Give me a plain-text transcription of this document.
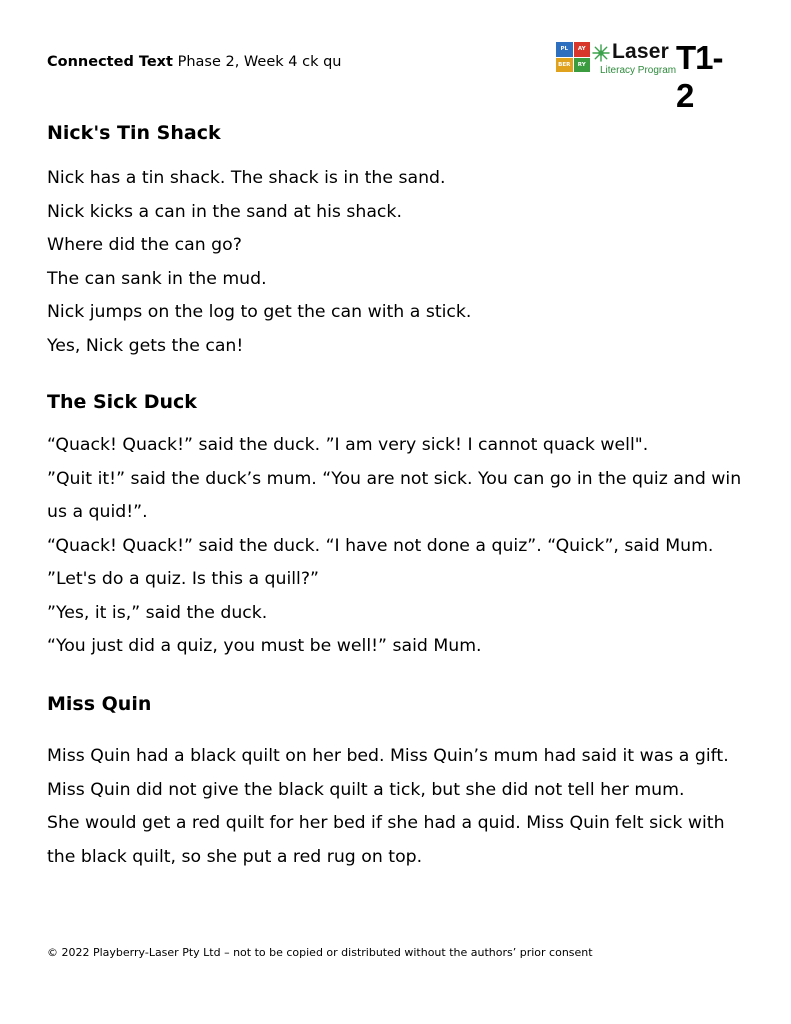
Connected Text Phase 2, Week 4 ck qu
PL	AY
BER	RY
Laser
Literacy Program T1-2
Nick's Tin Shack

Nick has a tin shack. The shack is in the sand.

Nick kicks a can in the sand at his shack.

Where did the can go?

The can sank in the mud.

Nick jumps on the log to get the can with a stick.

Yes, Nick gets the can!

The Sick Duck

“Quack! Quack!” said the duck. ”I am very sick! I cannot quack well".

”Quit it!” said the duck’s mum. “You are not sick. You can go in the quiz and win us a quid!”.

“Quack! Quack!” said the duck. “I have not done a quiz”. “Quick”, said Mum. ”Let's do a quiz. Is this a quill?”

”Yes, it is,” said the duck.

“You just did a quiz, you must be well!” said Mum.

Miss Quin

Miss Quin had a black quilt on her bed. Miss Quin’s mum had said it was a gift. Miss Quin did not give the black quilt a tick, but she did not tell her mum.

She would get a red quilt for her bed if she had a quid. Miss Quin felt sick with the black quilt, so she put a red rug on top.

© 2022 Playberry-Laser Pty Ltd – not to be copied or distributed without the authors’ prior consent
